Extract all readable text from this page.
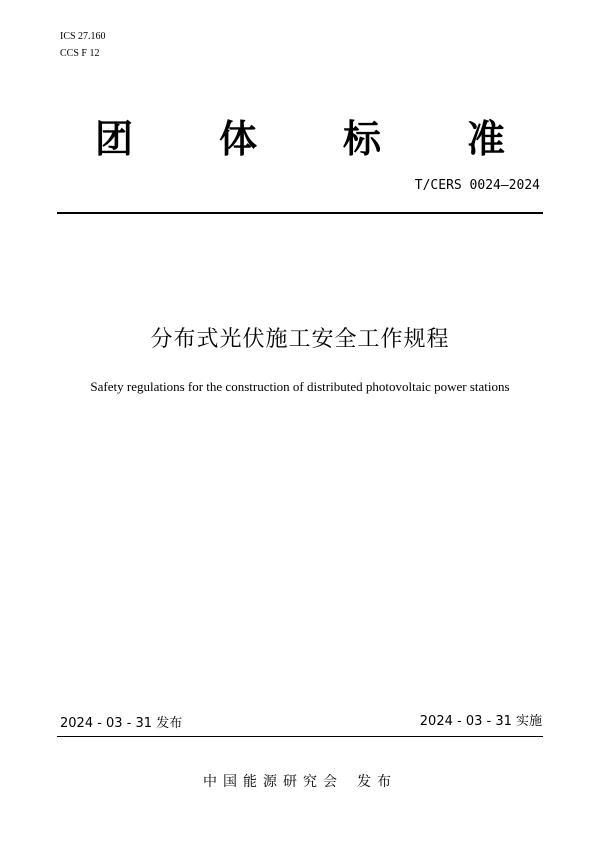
ICS 27.160
CCS F 12
团 体 标 准
T/CERS 0024—2024
分布式光伏施工安全工作规程
Safety regulations for the construction of distributed photovoltaic power stations
2024 - 03 - 31 发布	2024 - 03 - 31 实施
中国能源研究会 发布
